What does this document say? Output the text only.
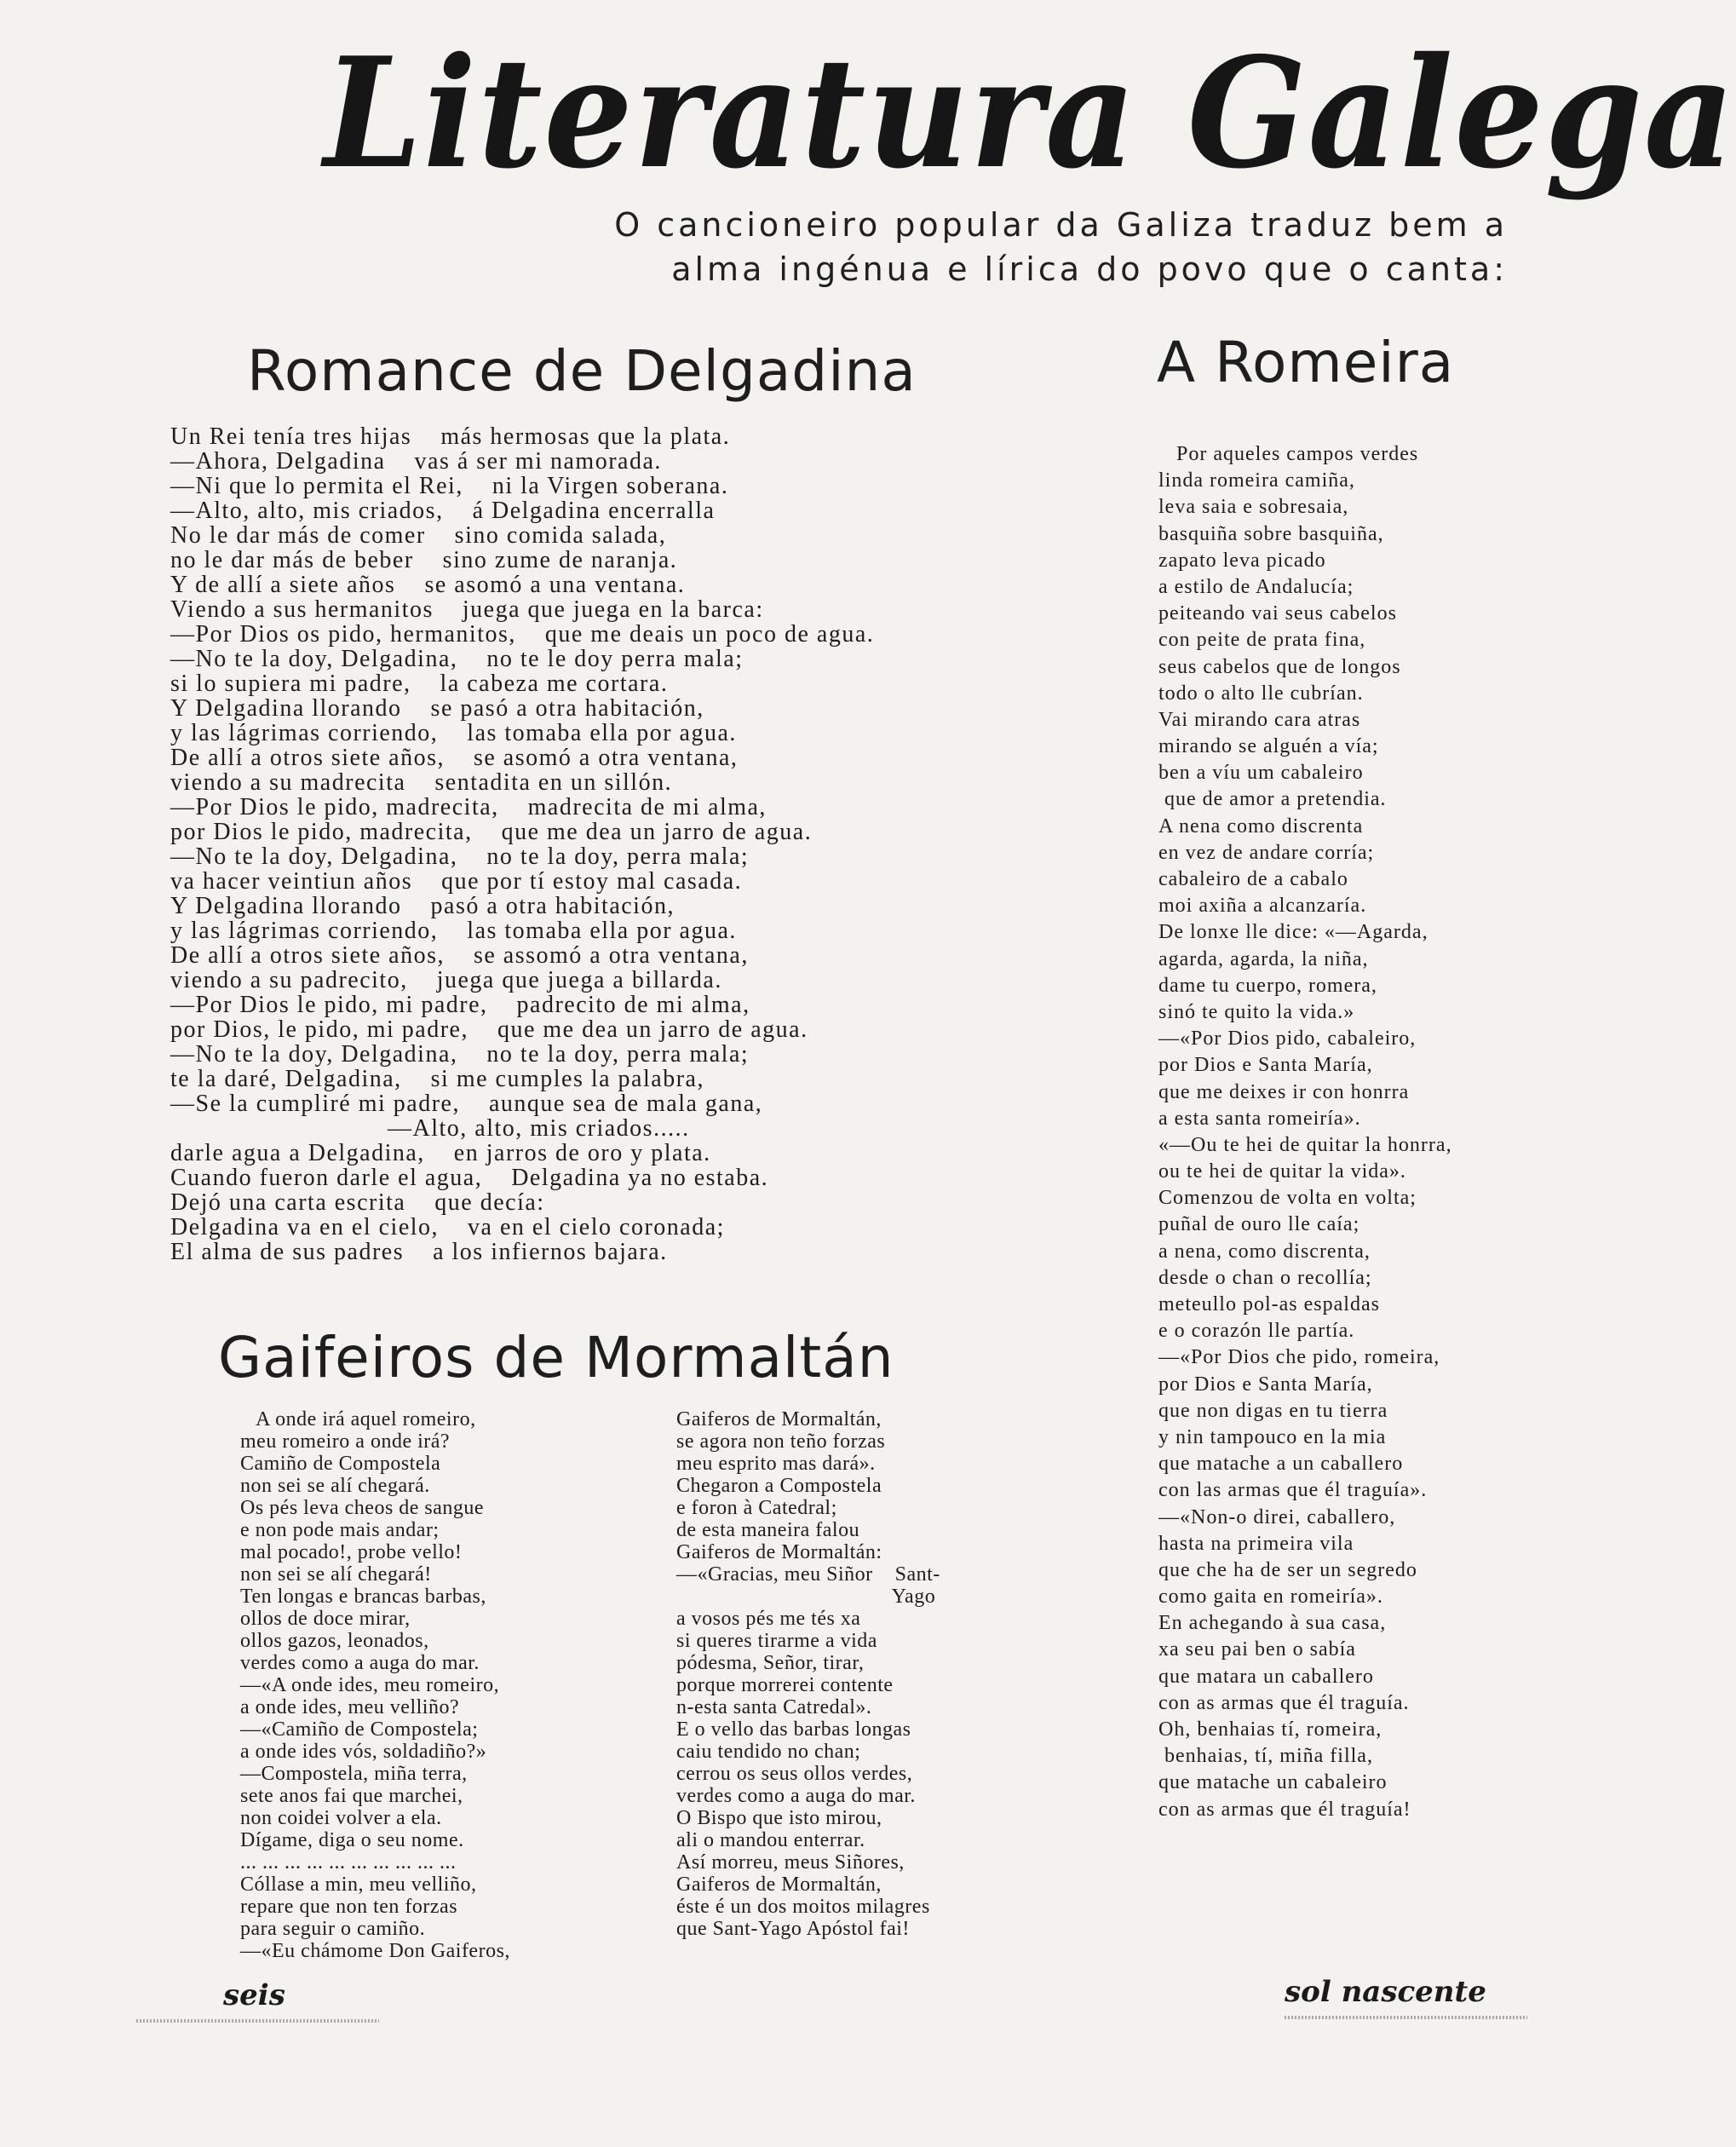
Literatura Galega
O cancioneiro popular da Galiza traduz bem a
alma ingénua e lírica do povo que o canta:
Romance de Delgadina
Un Rei tenía tres hijas    más hermosas que la plata.
—Ahora, Delgadina    vas á ser mi namorada.
—Ni que lo permita el Rei,    ni la Virgen soberana.
—Alto, alto, mis criados,    á Delgadina encerralla
No le dar más de comer    sino comida salada,
no le dar más de beber    sino zume de naranja.
Y de allí a siete años    se asomó a una ventana.
Viendo a sus hermanitos    juega que juega en la barca:
—Por Dios os pido, hermanitos,    que me deais un poco de agua.
—No te la doy, Delgadina,    no te le doy perra mala;
si lo supiera mi padre,    la cabeza me cortara.
Y Delgadina llorando    se pasó a otra habitación,
y las lágrimas corriendo,    las tomaba ella por agua.
De allí a otros siete años,    se asomó a otra ventana,
viendo a su madrecita    sentadita en un sillón.
—Por Dios le pido, madrecita,    madrecita de mi alma,
por Dios le pido, madrecita,    que me dea un jarro de agua.
—No te la doy, Delgadina,    no te la doy, perra mala;
va hacer veintiun años    que por tí estoy mal casada.
Y Delgadina llorando    pasó a otra habitación,
y las lágrimas corriendo,    las tomaba ella por agua.
De allí a otros siete años,    se assomó a otra ventana,
viendo a su padrecito,    juega que juega a billarda.
—Por Dios le pido, mi padre,    padrecito de mi alma,
por Dios, le pido, mi padre,    que me dea un jarro de agua.
—No te la doy, Delgadina,    no te la doy, perra mala;
te la daré, Delgadina,    si me cumples la palabra,
—Se la cumpliré mi padre,    aunque sea de mala gana,
—Alto, alto, mis criados.....
darle agua a Delgadina,    en jarros de oro y plata.
Cuando fueron darle el agua,    Delgadina ya no estaba.
Dejó una carta escrita    que decía:
Delgadina va en el cielo,    va en el cielo coronada;
El alma de sus padres    a los infiernos bajara.
Gaifeiros de Mormaltán
A onde irá aquel romeiro,
meu romeiro a onde irá?
Camiño de Compostela
non sei se alí chegará.
Os pés leva cheos de sangue
e non pode mais andar;
mal pocado!, probe vello!
non sei se alí chegará!
Ten longas e brancas barbas,
ollos de doce mirar,
ollos gazos, leonados,
verdes como a auga do mar.
—«A onde ides, meu romeiro,
a onde ides, meu velliño?
—«Camiño de Compostela;
a onde ides vós, soldadiño?»
—Compostela, miña terra,
sete anos fai que marchei,
non coidei volver a ela.
Dígame, diga o seu nome.
... ... ... ... ... ... ... ... ... ...
Cóllase a min, meu velliño,
repare que non ten forzas
para seguir o camiño.
—«Eu chámome Don Gaiferos,
Gaiferos de Mormaltán,
se agora non teño forzas
meu esprito mas dará».
Chegaron a Compostela
e foron à Catedral;
de esta maneira falou
Gaiferos de Mormaltán:
—«Gracias, meu Siñor    Sant-
Yago
a vosos pés me tés xa
si queres tirarme a vida
pódesma, Señor, tirar,
porque morrerei contente
n-esta santa Catredal».
E o vello das barbas longas
caiu tendido no chan;
cerrou os seus ollos verdes,
verdes como a auga do mar.
O Bispo que isto mirou,
ali o mandou enterrar.
Así morreu, meus Siñores,
Gaiferos de Mormaltán,
éste é un dos moitos milagres
que Sant-Yago Apóstol fai!
A Romeira
Por aqueles campos verdes
linda romeira camiña,
leva saia e sobresaia,
basquiña sobre basquiña,
zapato leva picado
a estilo de Andalucía;
peiteando vai seus cabelos
con peite de prata fina,
seus cabelos que de longos
todo o alto lle cubrían.
Vai mirando cara atras
mirando se alguén a vía;
ben a víu um cabaleiro
que de amor a pretendia.
A nena como discrenta
en vez de andare corría;
cabaleiro de a cabalo
moi axiña a alcanzaría.
De lonxe lle dice: «—Agarda,
agarda, agarda, la niña,
dame tu cuerpo, romera,
sinó te quito la vida.»
—«Por Dios pido, cabaleiro,
por Dios e Santa María,
que me deixes ir con honrra
a esta santa romeiría».
«—Ou te hei de quitar la honrra,
ou te hei de quitar la vida».
Comenzou de volta en volta;
puñal de ouro lle caía;
a nena, como discrenta,
desde o chan o recollía;
meteullo pol-as espaldas
e o corazón lle partía.
—«Por Dios che pido, romeira,
por Dios e Santa María,
que non digas en tu tierra
y nin tampouco en la mia
que matache a un caballero
con las armas que él traguía».
—«Non-o direi, caballero,
hasta na primeira vila
que che ha de ser un segredo
como gaita en romeiría».
En achegando à sua casa,
xa seu pai ben o sabía
que matara un caballero
con as armas que él traguía.
Oh, benhaias tí, romeira,
benhaias, tí, miña filla,
que matache un cabaleiro
con as armas que él traguía!
seis	sol nascente
